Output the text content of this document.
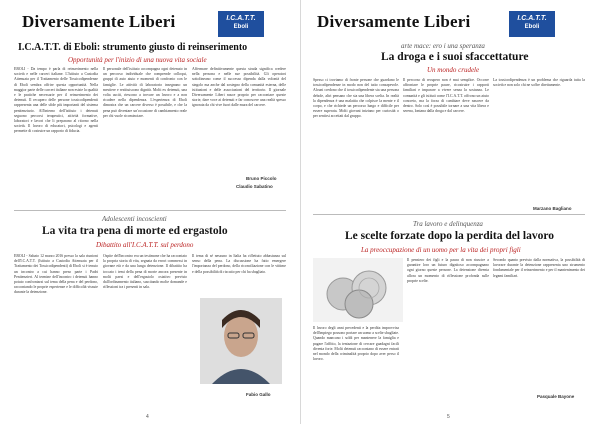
Diversamente Liberi	I.C.A.T.T.
Eboli
I.C.A.T.T. di Eboli: strumento giusto di reinserimento
Opportunità per l'inizio di una nuova vita sociale

EBOLI - Da tempo è parla di reinserimento nella società e nelle carceri italiane. L'Istituto a Custodia Attenuata per il Trattamento delle Tossicodipendenze di Eboli sembra offrire questa opportunità. Nella maggior parte delle carceri italiane non esiste la qualità e le pratiche necessarie per il reinserimento dei detenuti. Il recupero delle persone tossicodipendenti rappresenta una delle sfide più importanti del sistema penitenziario. All'interno dell'istituto i detenuti seguono percorsi terapeutici, attività formative, laboratori e lavori che li preparano al ritorno nella società. Il lavoro di educatori, psicologi e agenti permette di costruire un rapporto di fiducia.

Il personale dell'istituto accompagna ogni detenuto in un percorso individuale che comprende colloqui, gruppi di auto aiuto e momenti di confronto con le famiglie. Le attività di laboratorio insegnano un mestiere e restituiscono dignità. Molti ex detenuti, una volta usciti, riescono a trovare un lavoro e a non ricadere nella dipendenza. L'esperienza di Eboli dimostra che un carcere diverso è possibile, e che la pena può diventare un'occasione di cambiamento reale per chi vuole ricominciare.

Affermare definitivamente questa strada significa credere nella persona e nelle sue possibilità. Gli operatori sottolineano come il successo dipenda dalla volontà del singolo ma anche dal sostegno della comunità esterna, delle istituzioni e delle associazioni del territorio. Il giornale Diversamente Liberi nasce proprio per raccontare queste storie, dare voce ai detenuti e far conoscere una realtà spesso ignorata da chi vive fuori dalle mura del carcere.

Bruno Piccolo
Claudio Sabatino
Adolescenti incoscienti
La vita tra pena di morte ed ergastolo
Dibattito all'I.C.A.T.T. sul perdono

EBOLI - Sabato 12 marzo 2016 presso la sala riunioni dell'I.C.A.T.T. (Istituto a Custodia Attenuata per il Trattamento dei Tossicodipendenti) di Eboli si è tenuto un incontro a cui hanno preso parte i Padri Penitenzieri. Al termine dell'incontro i detenuti hanno potuto confrontarsi sul tema della pena e del perdono, raccontando le proprie esperienze e le difficoltà vissute durante la detenzione.

Ospite dell'incontro era un testimone che ha raccontato la propria storia di vita, segnata da errori commessi in giovane età e da una lunga detenzione. Il dibattito ha toccato i temi della pena di morte ancora presente in molti paesi e dell'ergastolo ostativo previsto dall'ordinamento italiano, suscitando molte domande e riflessioni tra i presenti in sala.

Il tema di sé nessuno in Italia ha riflettuto abbastanza sul senso della pena. La discussione ha fatto emergere l'importanza del perdono, della riconciliazione con le vittime e della possibilità di riscatto per chi ha sbagliato.

Fabio Gallo
4
Diversamente Liberi	I.C.A.T.T.
Eboli
arte mace: ero i una speranza
La droga e i suoi sfaccettature
Un mondo crudele

Spesso ci troviamo di fronte persone che guardano le tossicodipendenze in modo non del tutto consapevole. Alcuni credono che il tossicodipendente sia una persona debole, altri pensano che sia una libera scelta. In realtà la dipendenza è una malattia che colpisce la mente e il corpo, e che richiede un percorso lungo e difficile per essere superata. Molti giovani iniziano per curiosità o per sentirsi accettati dal gruppo.

Il percorso di recupero non è mai semplice. Occorre affrontare le proprie paure, ricostruire i rapporti familiari e imparare a vivere senza la sostanza. Le comunità e gli istituti come l'I.C.A.T.T. offrono un aiuto concreto, ma la forza di cambiare deve nascere da dentro. Solo così è possibile tornare a una vita libera e serena, lontana dalla droga e dal carcere.

La tossicodipendenza è un problema che riguarda tutta la società e non solo chi ne soffre direttamente.

Marzano Bagliano
Tra lavoro e delinquenza
Le scelte forzate dopo la perdita del lavoro
La preoccupazione di un uomo per la vita dei propri figli

Il lavoro degli anni precedenti e la perdita improvvisa dell'impiego possono portare un uomo a scelte sbagliate. Quando mancano i soldi per mantenere la famiglia e pagare l'affitto, la tentazione di cercare guadagni facili diventa forte. Molti detenuti raccontano di essere entrati nel mondo della criminalità proprio dopo aver perso il lavoro.

Il pensiero dei figli e la paura di non riuscire a garantire loro un futuro dignitoso accompagnano ogni giorno queste persone. La detenzione diventa allora un momento di riflessione profonda sulle proprie scelte.

Secondo quanto previsto dalla normativa, la possibilità di lavorare durante la detenzione rappresenta uno strumento fondamentale per il reinserimento e per il mantenimento dei legami familiari.

Pasquale Bayone
5
